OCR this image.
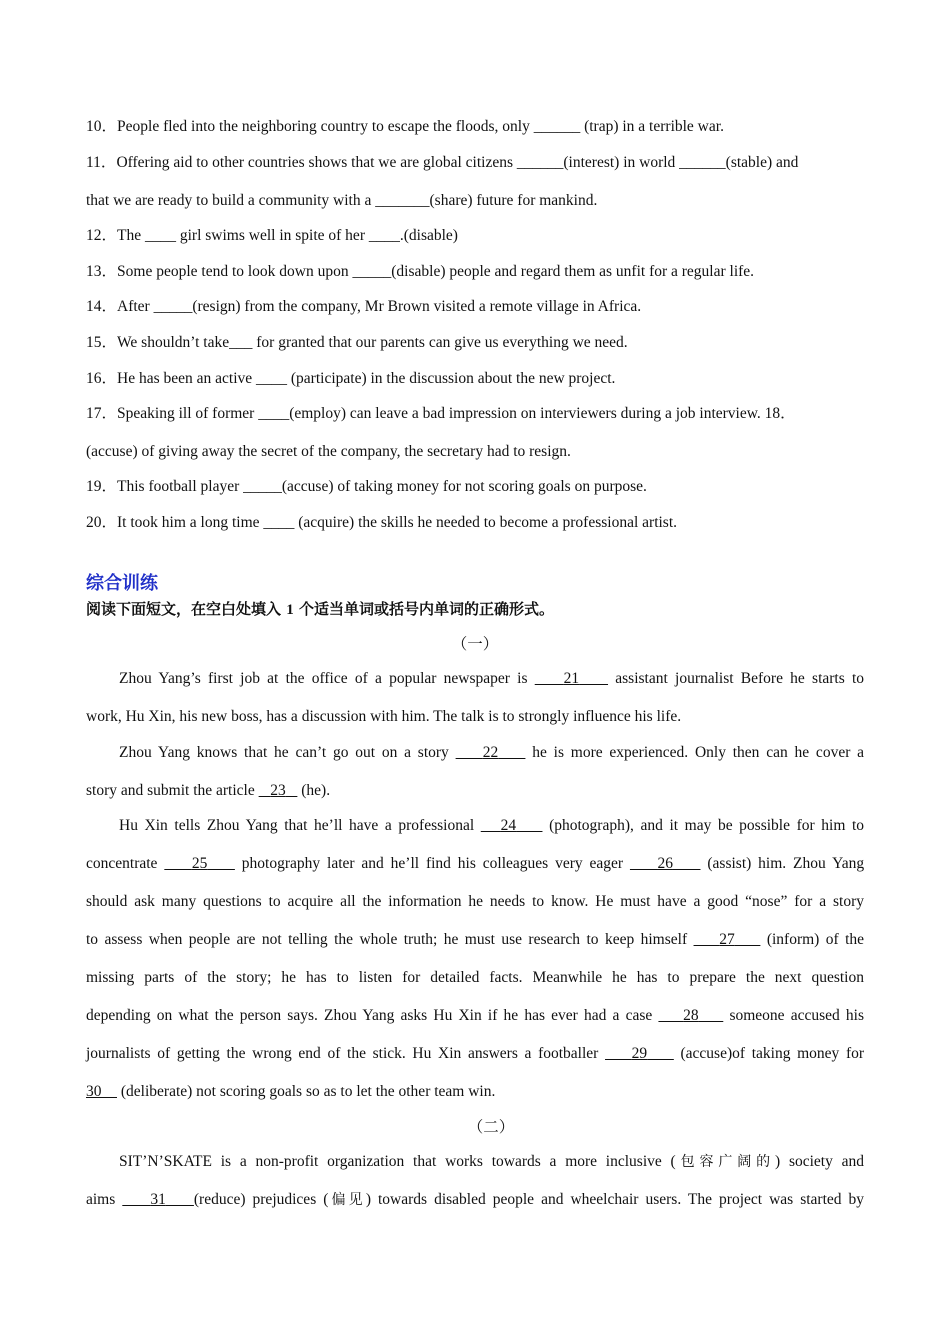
10．People fled into the neighboring country to escape the floods, only ______ (trap) in a terrible war.
11．Offering aid to other countries shows that we are global citizens ______(interest) in world ______(stable) and
that we are ready to build a community with a _______(share) future for mankind.
12．The ____ girl swims well in spite of her ____.(disable)
13．Some people tend to look down upon _____(disable) people and regard them as unfit for a regular life.
14．After _____(resign) from the company, Mr Brown visited a remote village in Africa.
15．We shouldn’t take___ for granted that our parents can give us everything we need.
16．He has been an active ____ (participate) in the discussion about the new project.
17．Speaking ill of former ____(employ) can leave a bad impression on interviewers during a job interview. 18．
(accuse) of giving away the secret of the company, the secretary had to resign.
19．This football player _____(accuse) of taking money for not scoring goals on purpose.
20．It took him a long time ____ (acquire) the skills he needed to become a professional artist.
综合训练
阅读下面短文，在空白处填入 1 个适当单词或括号内单词的正确形式。
（一）
Zhou Yang’s first job at the office of a popular newspaper is 21 assistant journalist Before he starts to
work, Hu Xin, his new boss, has a discussion with him. The talk is to strongly influence his life.
Zhou Yang knows that he can’t go out on a story 22 he is more experienced. Only then can he cover a
story and submit the article 23 (he).
Hu Xin tells Zhou Yang that he’ll have a professional 24 (photograph), and it may be possible for him to
concentrate 25 photography later and he’ll find his colleagues very eager 26 (assist) him. Zhou Yang
should ask many questions to acquire all the information he needs to know. He must have a good “nose” for a story
to assess when people are not telling the whole truth; he must use research to keep himself 27 (inform) of the
missing parts of the story; he has to listen for detailed facts. Meanwhile he has to prepare the next question
depending on what the person says. Zhou Yang asks Hu Xin if he has ever had a case 28 someone accused his
journalists of getting the wrong end of the stick. Hu Xin answers a footballer 29 (accuse)of taking money for
30 (deliberate) not scoring goals so as to let the other team win.
（二）
SIT’N’SKATE is a non-profit organization that works towards a more inclusive (包容广阔的) society and
aims 31 (reduce) prejudices (偏见) towards disabled people and wheelchair users. The project was started by
